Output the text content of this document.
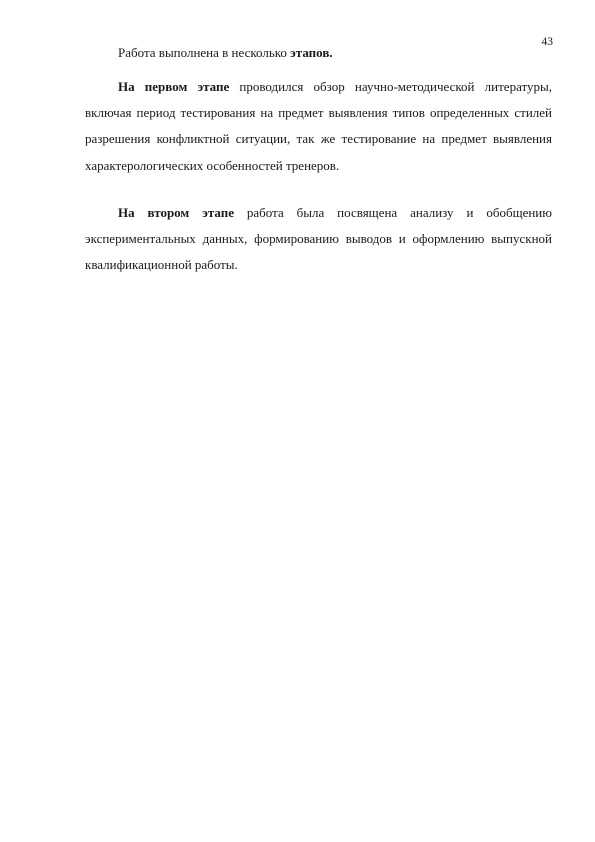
43

Работа выполнена в несколько этапов.

На первом этапе проводился обзор научно-методической литературы, включая период тестирования на предмет выявления типов определенных стилей разрешения конфликтной ситуации, так же тестирование на предмет выявления характерологических особенностей тренеров.

На втором этапе работа была посвящена анализу и обобщению экспериментальных данных, формированию выводов и оформлению выпускной квалификационной работы.
